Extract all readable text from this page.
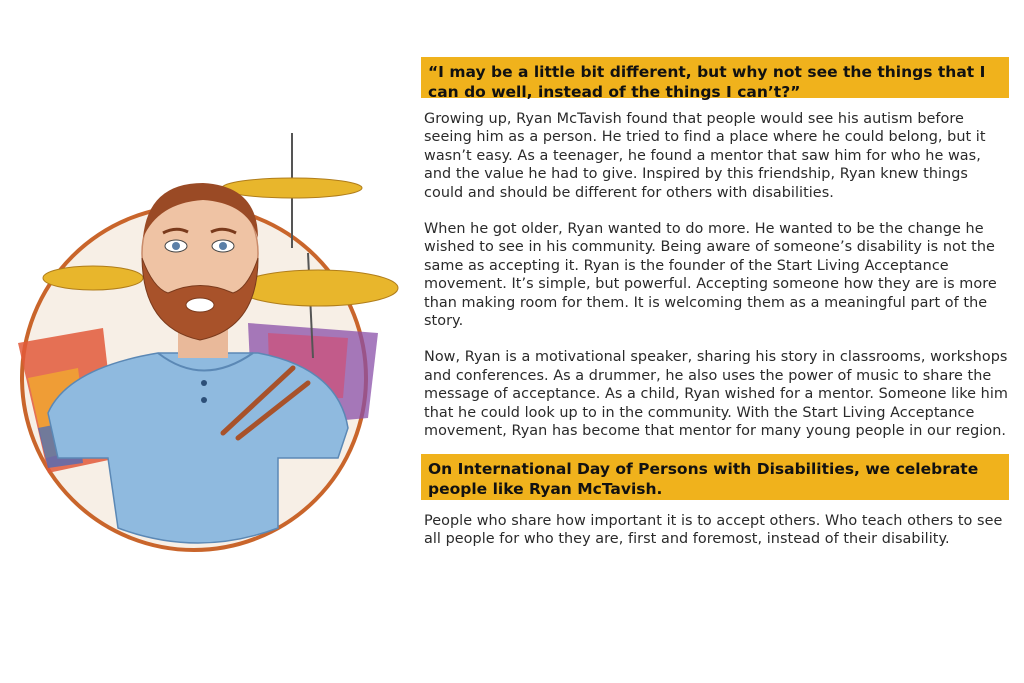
“I may be a little bit different, but why not see the things that I can do well, instead of the things I can’t?”

Growing up, Ryan McTavish found that people would see his autism before seeing him as a person. He tried to find a place where he could belong, but it wasn’t easy. As a teenager, he found a mentor that saw him for who he was, and the value he had to give. Inspired by this friendship, Ryan knew things could and should be different for others with disabilities.

When he got older, Ryan wanted to do more. He wanted to be the change he wished to see in his community. Being aware of someone’s disability is not the same as accepting it. Ryan is the founder of the Start Living Acceptance movement. It’s simple, but powerful. Accepting someone how they are is more than making room for them. It is welcoming them as a meaningful part of the story.

Now, Ryan is a motivational speaker, sharing his story in classrooms, workshops and conferences. As a drummer, he also uses the power of music to share the message of acceptance. As a child, Ryan wished for a mentor. Someone like him that he could look up to in the community. With the Start Living Acceptance movement, Ryan has become that mentor for many young people in our region.

On International Day of Persons with Disabilities, we celebrate people like Ryan McTavish.

People who share how important it is to accept others. Who teach others to see all people for who they are, first and foremost, instead of their disability.
